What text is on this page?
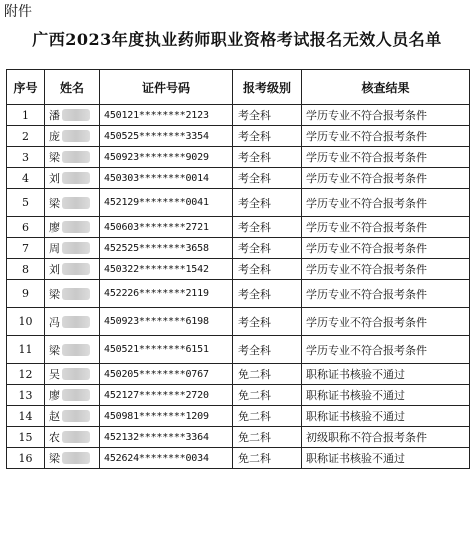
附件
广西2023年度执业药师职业资格考试报名无效人员名单
序号	姓名	证件号码	报考级别	核查结果
1	潘	450121********2123	考全科	学历专业不符合报考条件
2	庞	450525********3354	考全科	学历专业不符合报考条件
3	梁	450923********9029	考全科	学历专业不符合报考条件
4	刘	450303********0014	考全科	学历专业不符合报考条件
5	梁	452129********0041	考全科	学历专业不符合报考条件
6	廖	450603********2721	考全科	学历专业不符合报考条件
7	周	452525********3658	考全科	学历专业不符合报考条件
8	刘	450322********1542	考全科	学历专业不符合报考条件
9	梁	452226********2119	考全科	学历专业不符合报考条件
10	冯	450923********6198	考全科	学历专业不符合报考条件
11	梁	450521********6151	考全科	学历专业不符合报考条件
12	吴	450205********0767	免二科	职称证书核验不通过
13	廖	452127********2720	免二科	职称证书核验不通过
14	赵	450981********1209	免二科	职称证书核验不通过
15	农	452132********3364	免二科	初级职称不符合报考条件
16	梁	452624********0034	免二科	职称证书核验不通过
